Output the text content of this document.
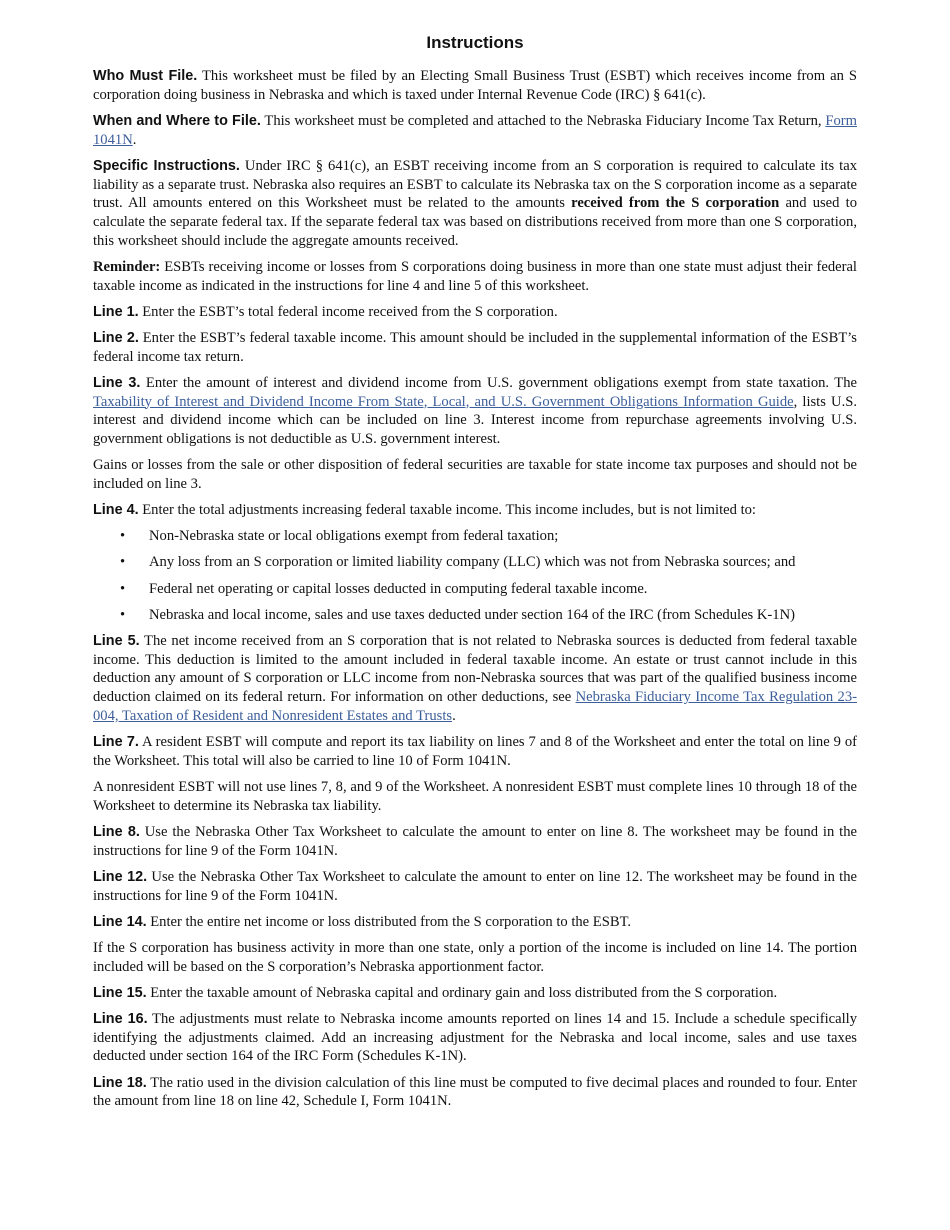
Instructions

Who Must File. This worksheet must be filed by an Electing Small Business Trust (ESBT) which receives income from an S corporation doing business in Nebraska and which is taxed under Internal Revenue Code (IRC) § 641(c).

When and Where to File. This worksheet must be completed and attached to the Nebraska Fiduciary Income Tax Return, Form 1041N.

Specific Instructions. Under IRC § 641(c), an ESBT receiving income from an S corporation is required to calculate its tax liability as a separate trust. Nebraska also requires an ESBT to calculate its Nebraska tax on the S corporation income as a separate trust. All amounts entered on this Worksheet must be related to the amounts received from the S corporation and used to calculate the separate federal tax. If the separate federal tax was based on distributions received from more than one S corporation, this worksheet should include the aggregate amounts received.

Reminder: ESBTs receiving income or losses from S corporations doing business in more than one state must adjust their federal taxable income as indicated in the instructions for line 4 and line 5 of this worksheet.

Line 1. Enter the ESBT’s total federal income received from the S corporation.

Line 2. Enter the ESBT’s federal taxable income. This amount should be included in the supplemental information of the ESBT’s federal income tax return.

Line 3. Enter the amount of interest and dividend income from U.S. government obligations exempt from state taxation. The Taxability of Interest and Dividend Income From State, Local, and U.S. Government Obligations Information Guide, lists U.S. interest and dividend income which can be included on line 3. Interest income from repurchase agreements involving U.S. government obligations is not deductible as U.S. government interest.

Gains or losses from the sale or other disposition of federal securities are taxable for state income tax purposes and should not be included on line 3.

Line 4. Enter the total adjustments increasing federal taxable income. This income includes, but is not limited to:

• Non-Nebraska state or local obligations exempt from federal taxation;
• Any loss from an S corporation or limited liability company (LLC) which was not from Nebraska sources; and
• Federal net operating or capital losses deducted in computing federal taxable income.
• Nebraska and local income, sales and use taxes deducted under section 164 of the IRC (from Schedules K-1N)

Line 5. The net income received from an S corporation that is not related to Nebraska sources is deducted from federal taxable income. This deduction is limited to the amount included in federal taxable income. An estate or trust cannot include in this deduction any amount of S corporation or LLC income from non-Nebraska sources that was part of the qualified business income deduction claimed on its federal return. For information on other deductions, see Nebraska Fiduciary Income Tax Regulation 23-004, Taxation of Resident and Nonresident Estates and Trusts.

Line 7. A resident ESBT will compute and report its tax liability on lines 7 and 8 of the Worksheet and enter the total on line 9 of the Worksheet. This total will also be carried to line 10 of Form 1041N.

A nonresident ESBT will not use lines 7, 8, and 9 of the Worksheet. A nonresident ESBT must complete lines 10 through 18 of the Worksheet to determine its Nebraska tax liability.

Line 8. Use the Nebraska Other Tax Worksheet to calculate the amount to enter on line 8. The worksheet may be found in the instructions for line 9 of the Form 1041N.

Line 12. Use the Nebraska Other Tax Worksheet to calculate the amount to enter on line 12. The worksheet may be found in the instructions for line 9 of the Form 1041N.

Line 14. Enter the entire net income or loss distributed from the S corporation to the ESBT.

If the S corporation has business activity in more than one state, only a portion of the income is included on line 14. The portion included will be based on the S corporation’s Nebraska apportionment factor.

Line 15. Enter the taxable amount of Nebraska capital and ordinary gain and loss distributed from the S corporation.

Line 16. The adjustments must relate to Nebraska income amounts reported on lines 14 and 15. Include a schedule specifically identifying the adjustments claimed. Add an increasing adjustment for the Nebraska and local income, sales and use taxes deducted under section 164 of the IRC Form (Schedules K-1N).

Line 18. The ratio used in the division calculation of this line must be computed to five decimal places and rounded to four. Enter the amount from line 18 on line 42, Schedule I, Form 1041N.
